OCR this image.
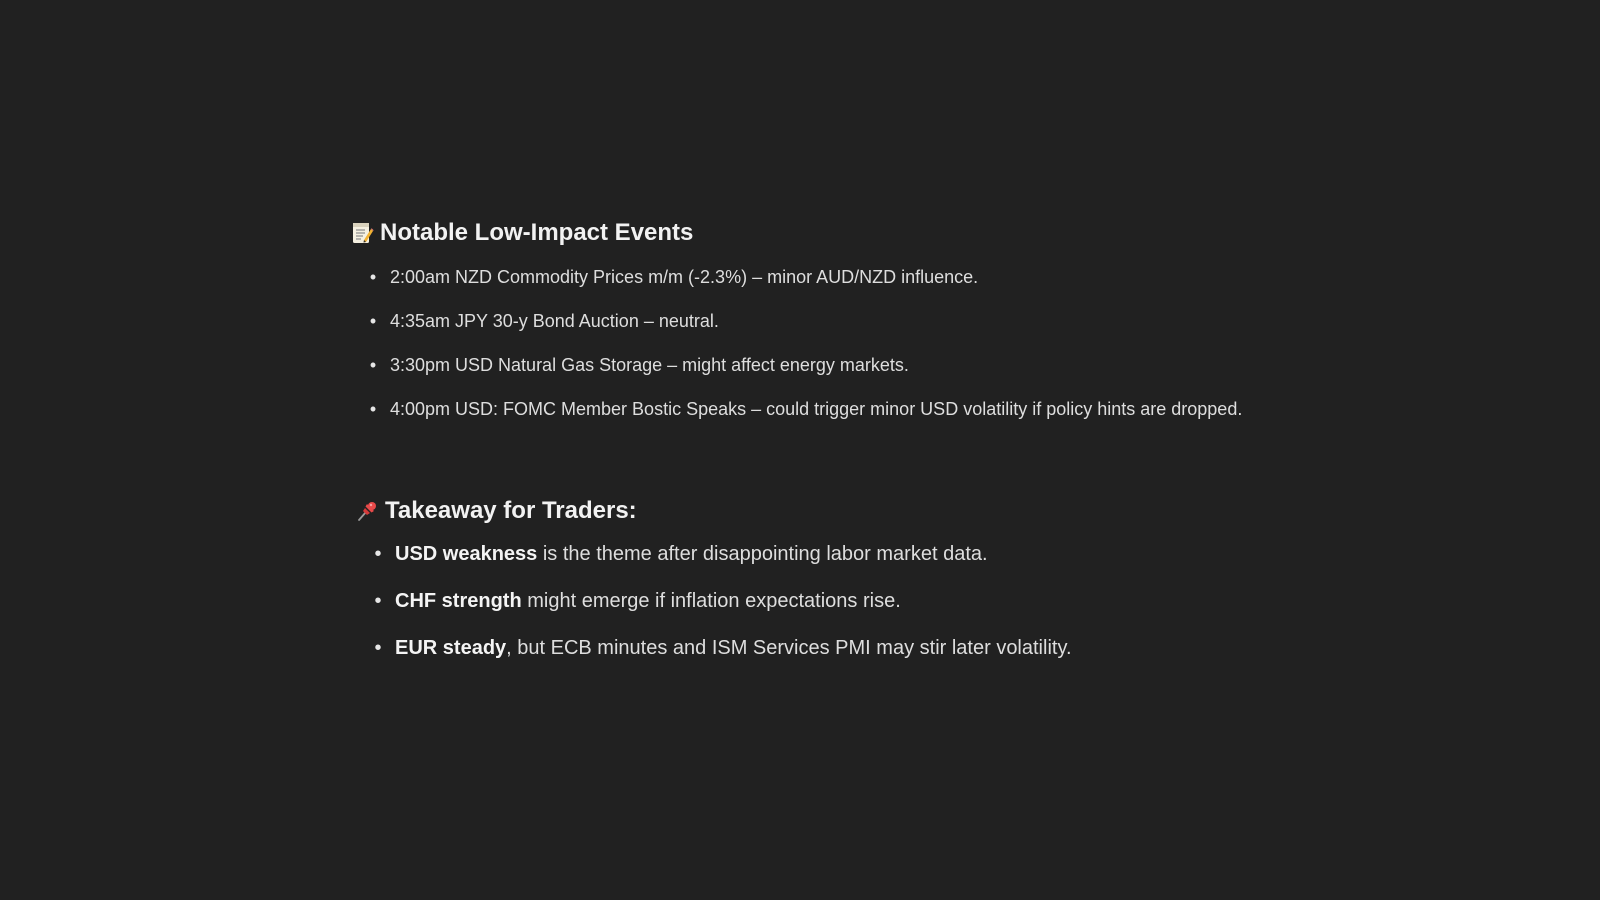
Notable Low-Impact Events
• 2:00am NZD Commodity Prices m/m (-2.3%) – minor AUD/NZD influence.
• 4:35am JPY 30-y Bond Auction – neutral.
• 3:30pm USD Natural Gas Storage – might affect energy markets.
• 4:00pm USD: FOMC Member Bostic Speaks – could trigger minor USD volatility if policy hints are dropped.
Takeaway for Traders:
• USD weakness is the theme after disappointing labor market data.
• CHF strength might emerge if inflation expectations rise.
• EUR steady, but ECB minutes and ISM Services PMI may stir later volatility.
